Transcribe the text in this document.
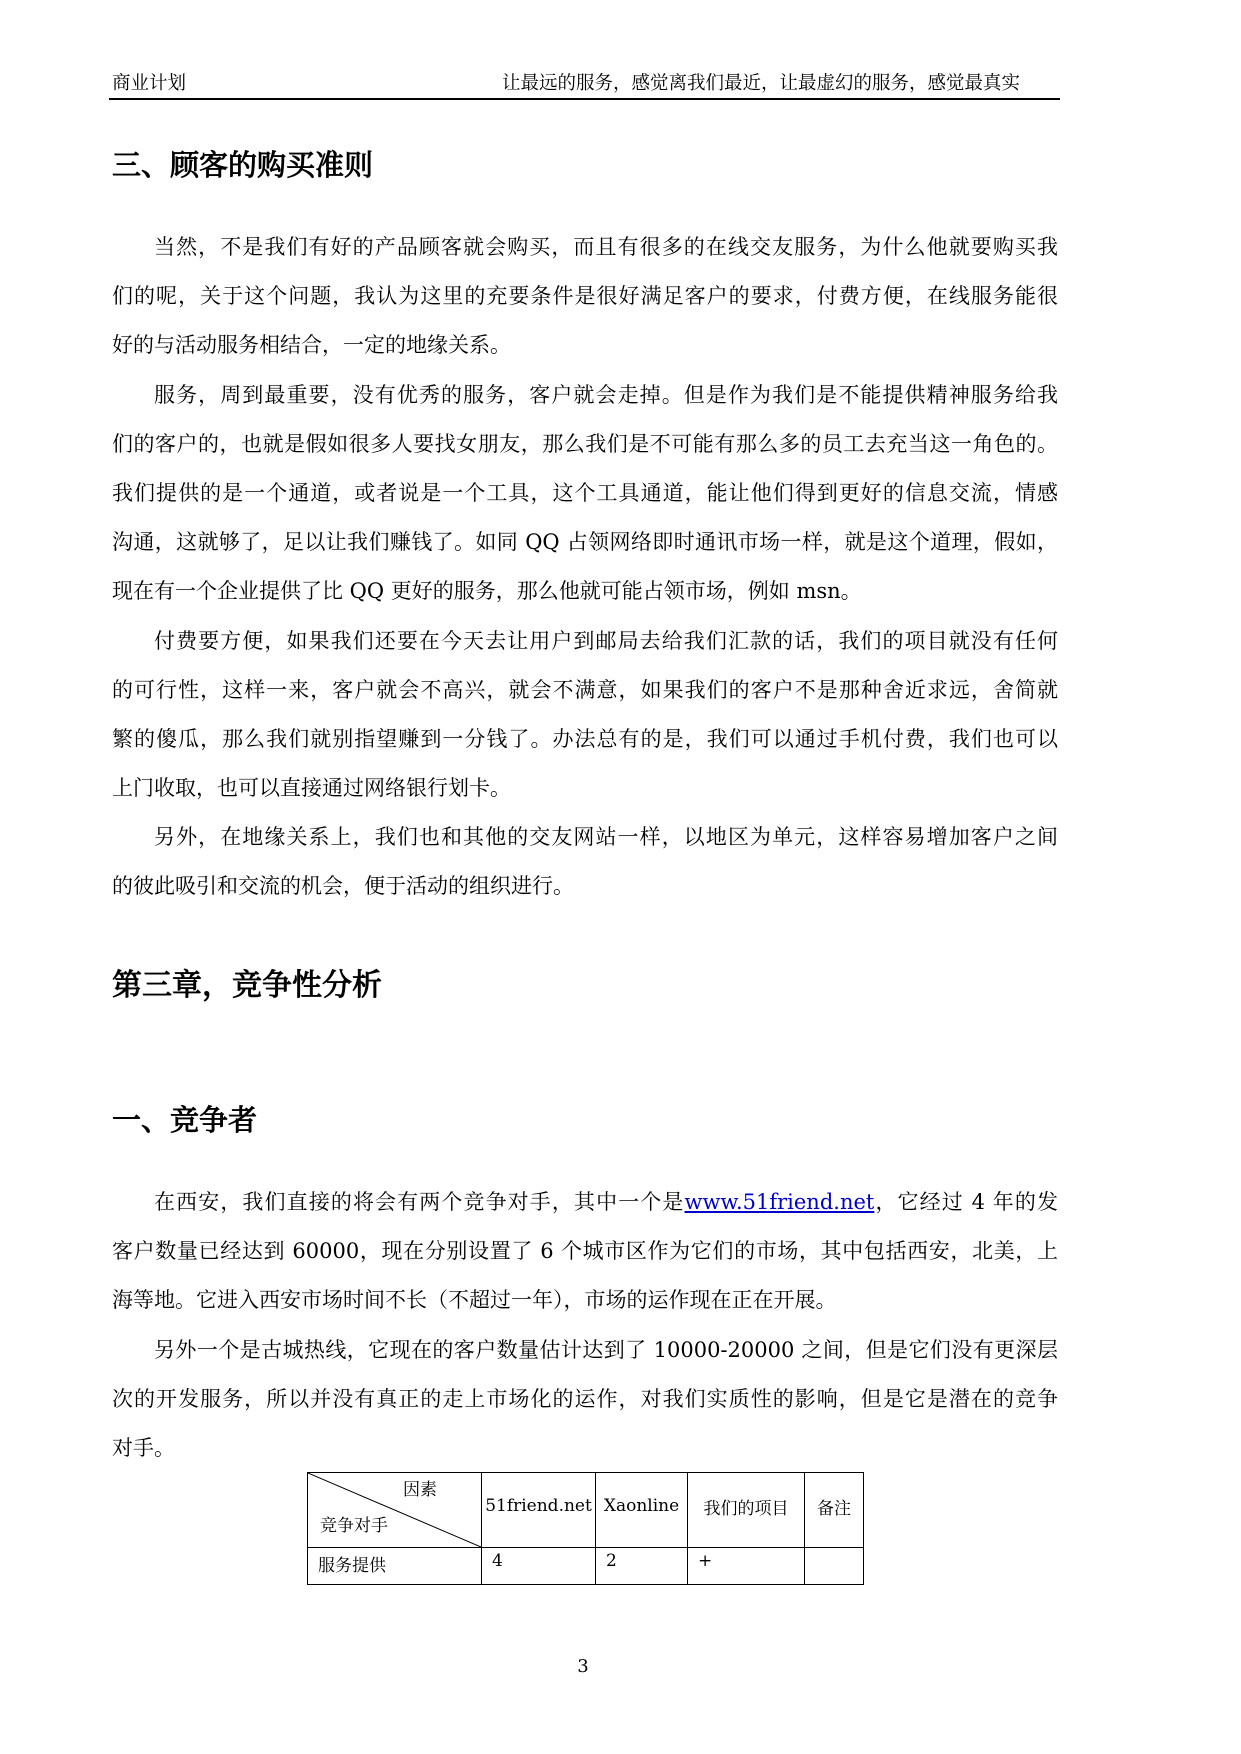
商业计划	让最远的服务，感觉离我们最近，让最虚幻的服务，感觉最真实
三、顾客的购买准则
当然，不是我们有好的产品顾客就会购买，而且有很多的在线交友服务，为什么他就要购买我
们的呢，关于这个问题，我认为这里的充要条件是很好满足客户的要求，付费方便，在线服务能很
好的与活动服务相结合，一定的地缘关系。
服务，周到最重要，没有优秀的服务，客户就会走掉。但是作为我们是不能提供精神服务给我
们的客户的，也就是假如很多人要找女朋友，那么我们是不可能有那么多的员工去充当这一角色的。
我们提供的是一个通道，或者说是一个工具，这个工具通道，能让他们得到更好的信息交流，情感
沟通，这就够了，足以让我们赚钱了。如同 QQ 占领网络即时通讯市场一样，就是这个道理，假如，
现在有一个企业提供了比 QQ 更好的服务，那么他就可能占领市场，例如 msn。
付费要方便，如果我们还要在今天去让用户到邮局去给我们汇款的话，我们的项目就没有任何
的可行性，这样一来，客户就会不高兴，就会不满意，如果我们的客户不是那种舍近求远，舍简就
繁的傻瓜，那么我们就别指望赚到一分钱了。办法总有的是，我们可以通过手机付费，我们也可以
上门收取，也可以直接通过网络银行划卡。
另外，在地缘关系上，我们也和其他的交友网站一样，以地区为单元，这样容易增加客户之间
的彼此吸引和交流的机会，便于活动的组织进行。
第三章，竞争性分析
一、竞争者
在西安，我们直接的将会有两个竞争对手，其中一个是www.51friend.net，它经过 4 年的发
客户数量已经达到 60000，现在分别设置了 6 个城市区作为它们的市场，其中包括西安，北美，上
海等地。它进入西安市场时间不长（不超过一年），市场的运作现在正在开展。
另外一个是古城热线，它现在的客户数量估计达到了 10000-20000 之间，但是它们没有更深层
次的开发服务，所以并没有真正的走上市场化的运作，对我们实质性的影响，但是它是潜在的竞争
对手。
因素
竞争对手	51friend.net	Xaonline	我们的项目	备注
服务提供	4	2	+	
3
